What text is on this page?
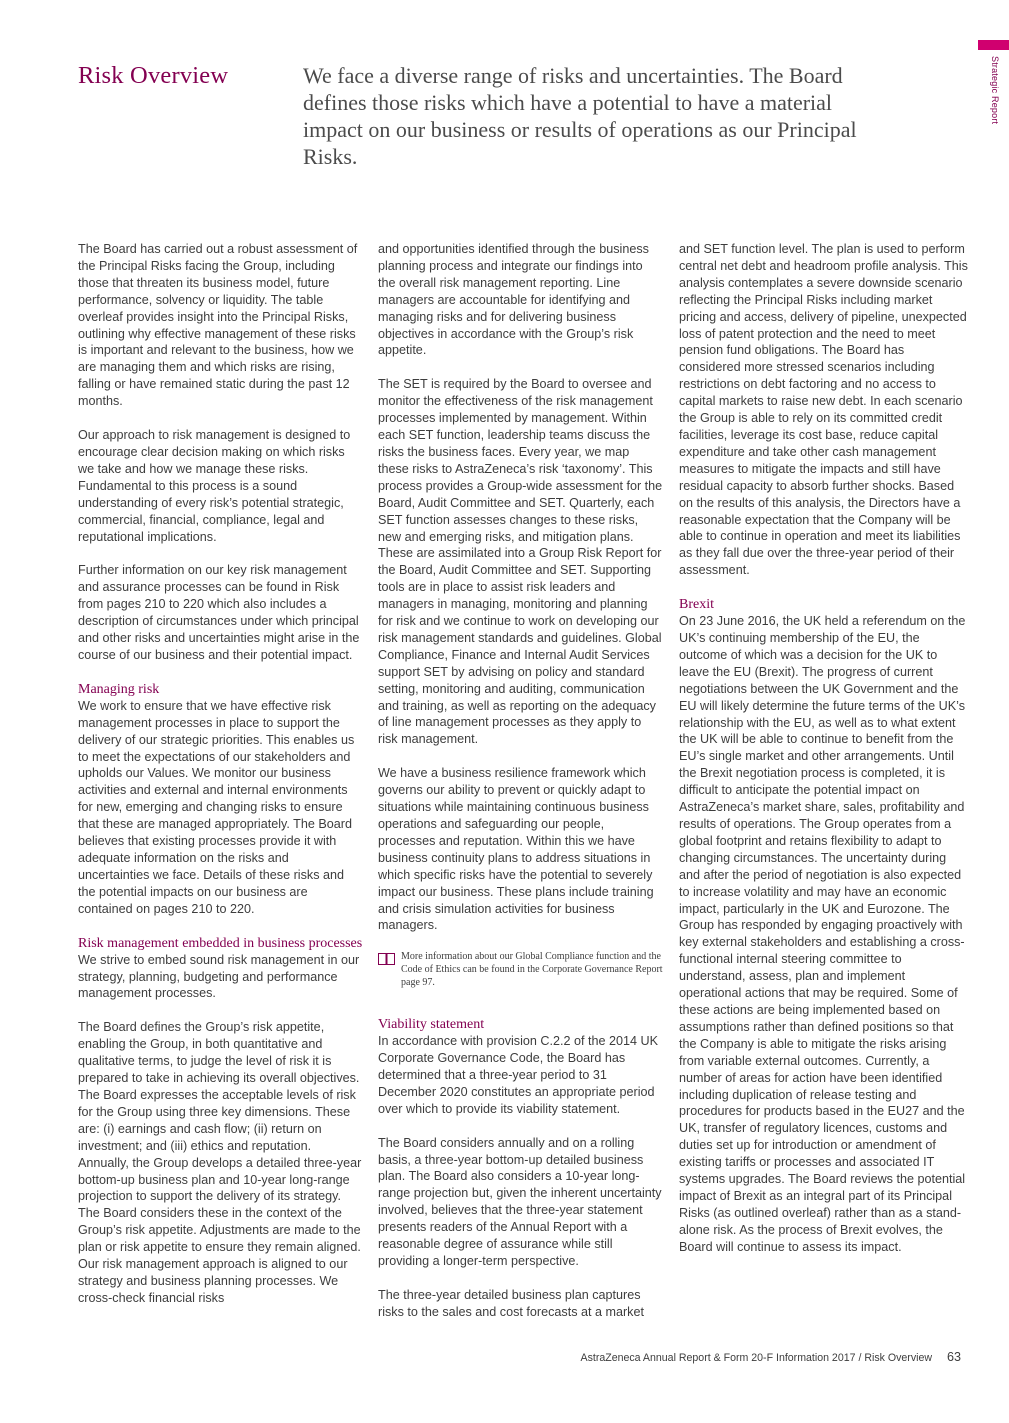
Strategic Report
Risk Overview	We face a diverse range of risks and uncertainties. The Board defines those risks which have a potential to have a material impact on our business or results of operations as our Principal Risks.

The Board has carried out a robust assessment of the Principal Risks facing the Group, including those that threaten its business model, future performance, solvency or liquidity. The table overleaf provides insight into the Principal Risks, outlining why effective management of these risks is important and relevant to the business, how we are managing them and which risks are rising, falling or have remained static during the past 12 months.

Our approach to risk management is designed to encourage clear decision making on which risks we take and how we manage these risks. Fundamental to this process is a sound understanding of every risk’s potential strategic, commercial, financial, compliance, legal and reputational implications.

Further information on our key risk management and assurance processes can be found in Risk from pages 210 to 220 which also includes a description of circumstances under which principal and other risks and uncertainties might arise in the course of our business and their potential impact.

Managing risk

We work to ensure that we have effective risk management processes in place to support the delivery of our strategic priorities. This enables us to meet the expectations of our stakeholders and upholds our Values. We monitor our business activities and external and internal environments for new, emerging and changing risks to ensure that these are managed appropriately. The Board believes that existing processes provide it with adequate information on the risks and uncertainties we face. Details of these risks and the potential impacts on our business are contained on pages 210 to 220.

Risk management embedded in business processes

We strive to embed sound risk management in our strategy, planning, budgeting and performance management processes.

The Board defines the Group’s risk appetite, enabling the Group, in both quantitative and qualitative terms, to judge the level of risk it is prepared to take in achieving its overall objectives. The Board expresses the acceptable levels of risk for the Group using three key dimensions. These are: (i) earnings and cash flow; (ii) return on investment; and (iii) ethics and reputation. Annually, the Group develops a detailed three-year bottom-up business plan and 10-year long-range projection to support the delivery of its strategy. The Board considers these in the context of the Group’s risk appetite. Adjustments are made to the plan or risk appetite to ensure they remain aligned.

Our risk management approach is aligned to our strategy and business planning processes. We cross-check financial risks

and opportunities identified through the business planning process and integrate our findings into the overall risk management reporting. Line managers are accountable for identifying and managing risks and for delivering business objectives in accordance with the Group’s risk appetite.

The SET is required by the Board to oversee and monitor the effectiveness of the risk management processes implemented by management. Within each SET function, leadership teams discuss the risks the business faces. Every year, we map these risks to AstraZeneca’s risk ‘taxonomy’. This process provides a Group-wide assessment for the Board, Audit Committee and SET. Quarterly, each SET function assesses changes to these risks, new and emerging risks, and mitigation plans. These are assimilated into a Group Risk Report for the Board, Audit Committee and SET. Supporting tools are in place to assist risk leaders and managers in managing, monitoring and planning for risk and we continue to work on developing our risk management standards and guidelines. Global Compliance, Finance and Internal Audit Services support SET by advising on policy and standard setting, monitoring and auditing, communication and training, as well as reporting on the adequacy of line management processes as they apply to risk management.

We have a business resilience framework which governs our ability to prevent or quickly adapt to situations while maintaining continuous business operations and safeguarding our people, processes and reputation. Within this we have business continuity plans to address situations in which specific risks have the potential to severely impact our business. These plans include training and crisis simulation activities for business managers.

More information about our Global Compliance function and the Code of Ethics can be found in the Corporate Governance Report page 97.
Viability statement

In accordance with provision C.2.2 of the 2014 UK Corporate Governance Code, the Board has determined that a three-year period to 31 December 2020 constitutes an appropriate period over which to provide its viability statement.

The Board considers annually and on a rolling basis, a three-year bottom-up detailed business plan. The Board also considers a 10-year long-range projection but, given the inherent uncertainty involved, believes that the three-year statement presents readers of the Annual Report with a reasonable degree of assurance while still providing a longer-term perspective.

The three-year detailed business plan captures risks to the sales and cost forecasts at a market

and SET function level. The plan is used to perform central net debt and headroom profile analysis. This analysis contemplates a severe downside scenario reflecting the Principal Risks including market pricing and access, delivery of pipeline, unexpected loss of patent protection and the need to meet pension fund obligations. The Board has considered more stressed scenarios including restrictions on debt factoring and no access to capital markets to raise new debt. In each scenario the Group is able to rely on its committed credit facilities, leverage its cost base, reduce capital expenditure and take other cash management measures to mitigate the impacts and still have residual capacity to absorb further shocks. Based on the results of this analysis, the Directors have a reasonable expectation that the Company will be able to continue in operation and meet its liabilities as they fall due over the three-year period of their assessment.

Brexit

On 23 June 2016, the UK held a referendum on the UK’s continuing membership of the EU, the outcome of which was a decision for the UK to leave the EU (Brexit). The progress of current negotiations between the UK Government and the EU will likely determine the future terms of the UK’s relationship with the EU, as well as to what extent the UK will be able to continue to benefit from the EU’s single market and other arrangements. Until the Brexit negotiation process is completed, it is difficult to anticipate the potential impact on AstraZeneca’s market share, sales, profitability and results of operations. The Group operates from a global footprint and retains flexibility to adapt to changing circumstances. The uncertainty during and after the period of negotiation is also expected to increase volatility and may have an economic impact, particularly in the UK and Eurozone. The Group has responded by engaging proactively with key external stakeholders and establishing a cross-functional internal steering committee to understand, assess, plan and implement operational actions that may be required. Some of these actions are being implemented based on assumptions rather than defined positions so that the Company is able to mitigate the risks arising from variable external outcomes. Currently, a number of areas for action have been identified including duplication of release testing and procedures for products based in the EU27 and the UK, transfer of regulatory licences, customs and duties set up for introduction or amendment of existing tariffs or processes and associated IT systems upgrades. The Board reviews the potential impact of Brexit as an integral part of its Principal Risks (as outlined overleaf) rather than as a stand-alone risk. As the process of Brexit evolves, the Board will continue to assess its impact.

AstraZeneca Annual Report & Form 20-F Information 2017 / Risk Overview 63
